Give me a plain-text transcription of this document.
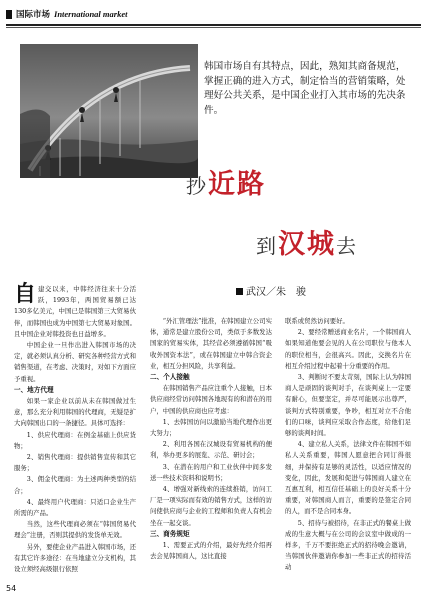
国际市场 International market
韩国市场自有其特点，因此，熟知其商备规范，掌握正确的进入方式，制定恰当的营销策略，处理好公共关系，是中国企业打入其市场的先决条件。
抄近路
到汉城去
武汉／朱　骏

自建交以来，中韩经济往来十分活跃，1993年，两国贸易额已达130多亿美元，中国已是韩国第三大贸易伙伴，而韩国也成为中国第七大贸易对象国。且中国企业对韩投资也日益增多。

中国企业一旦作出进入韩国市场的决定，就必须认真分析、研究各种经营方式和销售渠道，在考虑、决策时，对如下方面应予重视。

一、地方代理

如果一家企业以前从未在韩国做过生意，那么充分利用韩国的代理商，无疑是扩大向韩国出口的一条捷径。具体可选择：

1、供应代理商：在例金基础上供应货物；

2、销售代理商：提供销售宣传和其它服务；

3、佣金代理商：为土述两种类型的结合；

4、最终用户代理商：只适口企业生产所需的产品。

当然，这些代理商必须在“韩国贸易代理会”注册，否则其提供的发货单无效。

另外，要使企业产品进入韩国市场，还有其它许多途径：在当地建立分支机构，其设立须经高级银行依照

“外汇管理法”批准，在韩国建立公司实体，通常是建立股份公司，类似于多数发达国家的贸易实体，其经营必须遵循韩国“吸收外国资本法”，或在韩国建立中韩合资企业，相互分担风险，共享利益。

二、个人接触

在韩国销售产品应注重个人接触，日本供应商经常访问韩国各地现有的和潜在的用户，中国的供应商也应考虑：

1、去韩国访问以激励当地代理作出更大努力；

2、利用各国在汉城设有贸易机构的便利，举办更多的展览、示范、研讨会；

3、在潜在的用户和工业伙伴中间多发送一些技术资料和说明书；

4、增强对新线索的连续推销，访问工厂是一项实际而有效的销售方式，这样的访问使供应商与企业的工程师和负责人有机会坐在一起交谈。

三、商务规矩

1、需要正式的介绍，最好先经介绍再去会见韩国商人，这比直接

联系或贸然访问要好。

2、要经常赠送商业名片，一个韩国商人如果知道他要会见的人在公司职位与他本人的职位相当，会很高兴。因此，交换名片在相互介绍过程中起着十分重要的作用。

3、判断时不要太苛刻，国际上认为韩国商人是顽固的谈判对手，在谈判桌上一定要有耐心，但要坚定，并尽可能展示出尊严，谈判方式特别重要，争吵，相互对立不合他们的口味，谈判应采取合作态度，给他们足够的谈判时间。

4、建立私人关系，法律文件在韩国不如私人关系重要，韩国人愿意把合同订得很细，并保持有足够的灵活性，以适应情况的变化，因此，发展和促进与韩国商人建立在互惠互利，相互信任基础上的良好关系十分重要，对韩国商人而言，重要的是签定合同的人，而不是合同本身。

5、招待与被招待，在非正式的餐桌上做成的生意大概与在公司的会议室中做成的一样多，千万不要拒绝正式的招待晚会邀请，当韩国伙伴邀请你参加一些非正式的招待活动

54
